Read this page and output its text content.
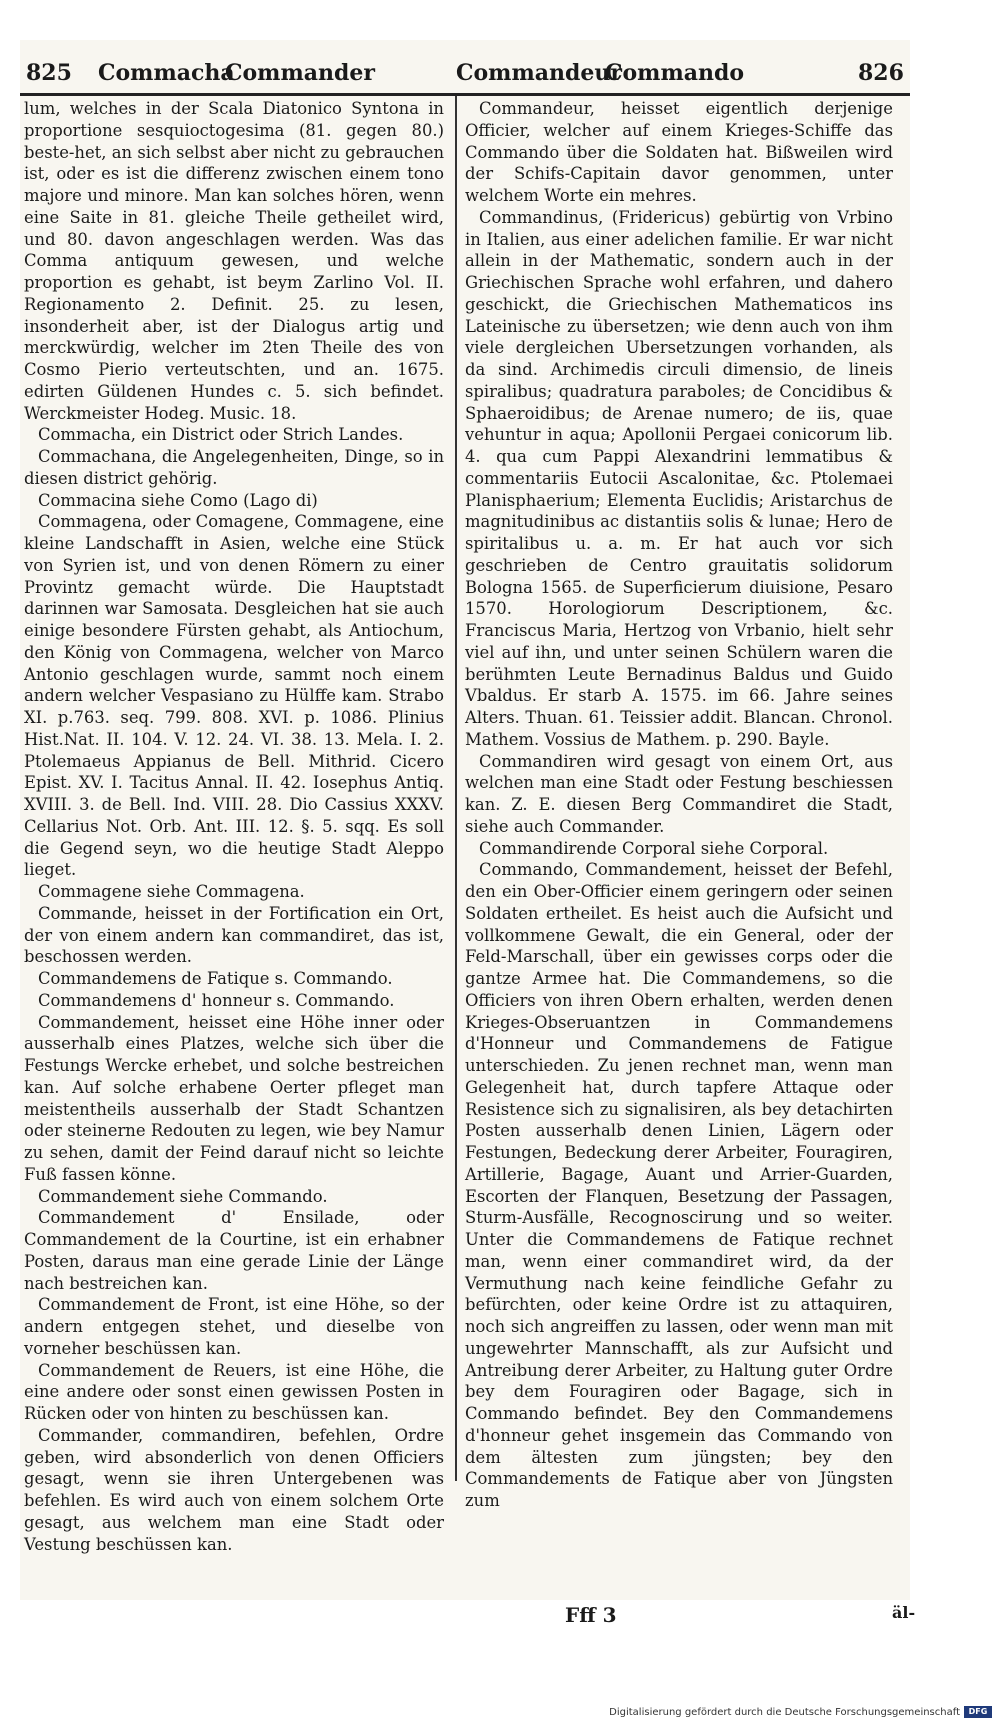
825 Commacha
Commander	Commandeur
Commando	826

lum, welches in der Scala Diatonico Syntona in proportione sesquioctogesima (81. gegen 80.) beste-het, an sich selbst aber nicht zu gebrauchen ist, oder es ist die differenz zwischen einem tono majore und minore. Man kan solches hören, wenn eine Saite in 81. gleiche Theile getheilet wird, und 80. davon angeschlagen werden. Was das Comma antiquum gewesen, und welche proportion es gehabt, ist beym Zarlino Vol. II. Regionamento 2. Definit. 25. zu lesen, insonderheit aber, ist der Dialogus artig und merckwürdig, welcher im 2ten Theile des von Cosmo Pierio verteutschten, und an. 1675. edirten Güldenen Hundes c. 5. sich befindet. Werckmeister Hodeg. Music. 18.

Commacha, ein District oder Strich Landes.

Commachana, die Angelegenheiten, Dinge, so in diesen district gehörig.

Commacina siehe Como (Lago di)

Commagena, oder Comagene, Commagene, eine kleine Landschafft in Asien, welche eine Stück von Syrien ist, und von denen Römern zu einer Provintz gemacht würde. Die Hauptstadt darinnen war Samosata. Desgleichen hat sie auch einige besondere Fürsten gehabt, als Antiochum, den König von Commagena, welcher von Marco Antonio geschlagen wurde, sammt noch einem andern welcher Vespasiano zu Hülffe kam. Strabo XI. p.763. seq. 799. 808. XVI. p. 1086. Plinius Hist.Nat. II. 104. V. 12. 24. VI. 38. 13. Mela. I. 2. Ptolemaeus Appianus de Bell. Mithrid. Cicero Epist. XV. I. Tacitus Annal. II. 42. Iosephus Antiq. XVIII. 3. de Bell. Ind. VIII. 28. Dio Cassius XXXV. Cellarius Not. Orb. Ant. III. 12. §. 5. sqq. Es soll die Gegend seyn, wo die heutige Stadt Aleppo lieget.

Commagene siehe Commagena.

Commande, heisset in der Fortification ein Ort, der von einem andern kan commandiret, das ist, beschossen werden.

Commandemens de Fatique s. Commando.

Commandemens d' honneur s. Commando.

Commandement, heisset eine Höhe inner oder ausserhalb eines Platzes, welche sich über die Festungs Wercke erhebet, und solche bestreichen kan. Auf solche erhabene Oerter pfleget man meistentheils ausserhalb der Stadt Schantzen oder steinerne Redouten zu legen, wie bey Namur zu sehen, damit der Feind darauf nicht so leichte Fuß fassen könne.

Commandement siehe Commando.

Commandement d' Ensilade, oder Commandement de la Courtine, ist ein erhabner Posten, daraus man eine gerade Linie der Länge nach bestreichen kan.

Commandement de Front, ist eine Höhe, so der andern entgegen stehet, und dieselbe von vorneher beschüssen kan.

Commandement de Reuers, ist eine Höhe, die eine andere oder sonst einen gewissen Posten in Rücken oder von hinten zu beschüssen kan.

Commander, commandiren, befehlen, Ordre geben, wird absonderlich von denen Officiers gesagt, wenn sie ihren Untergebenen was befehlen. Es wird auch von einem solchem Orte gesagt, aus welchem man eine Stadt oder Vestung beschüssen kan.

Commandeur, heisset eigentlich derjenige Officier, welcher auf einem Krieges-Schiffe das Commando über die Soldaten hat. Bißweilen wird der Schifs-Capitain davor genommen, unter welchem Worte ein mehres.

Commandinus, (Fridericus) gebürtig von Vrbino in Italien, aus einer adelichen familie. Er war nicht allein in der Mathematic, sondern auch in der Griechischen Sprache wohl erfahren, und dahero geschickt, die Griechischen Mathematicos ins Lateinische zu übersetzen; wie denn auch von ihm viele dergleichen Ubersetzungen vorhanden, als da sind. Archimedis circuli dimensio, de lineis spiralibus; quadratura paraboles; de Concidibus & Sphaeroidibus; de Arenae numero; de iis, quae vehuntur in aqua; Apollonii Pergaei conicorum lib. 4. qua cum Pappi Alexandrini lemmatibus & commentariis Eutocii Ascalonitae, &c. Ptolemaei Planisphaerium; Elementa Euclidis; Aristarchus de magnitudinibus ac distantiis solis & lunae; Hero de spiritalibus u. a. m. Er hat auch vor sich geschrieben de Centro grauitatis solidorum Bologna 1565. de Superficierum diuisione, Pesaro 1570. Horologiorum Descriptionem, &c. Franciscus Maria, Hertzog von Vrbanio, hielt sehr viel auf ihn, und unter seinen Schülern waren die berühmten Leute Bernadinus Baldus und Guido Vbaldus. Er starb A. 1575. im 66. Jahre seines Alters. Thuan. 61. Teissier addit. Blancan. Chronol. Mathem. Vossius de Mathem. p. 290. Bayle.

Commandiren wird gesagt von einem Ort, aus welchen man eine Stadt oder Festung beschiessen kan. Z. E. diesen Berg Commandiret die Stadt, siehe auch Commander.

Commandirende Corporal siehe Corporal.

Commando, Commandement, heisset der Befehl, den ein Ober-Officier einem geringern oder seinen Soldaten ertheilet. Es heist auch die Aufsicht und vollkommene Gewalt, die ein General, oder der Feld-Marschall, über ein gewisses corps oder die gantze Armee hat. Die Commandemens, so die Officiers von ihren Obern erhalten, werden denen Krieges-Obseruantzen in Commandemens d'Honneur und Commandemens de Fatigue unterschieden. Zu jenen rechnet man, wenn man Gelegenheit hat, durch tapfere Attaque oder Resistence sich zu signalisiren, als bey detachirten Posten ausserhalb denen Linien, Lägern oder Festungen, Bedeckung derer Arbeiter, Fouragiren, Artillerie, Bagage, Auant und Arrier-Guarden, Escorten der Flanquen, Besetzung der Passagen, Sturm-Ausfälle, Recognoscirung und so weiter. Unter die Commandemens de Fatique rechnet man, wenn einer commandiret wird, da der Vermuthung nach keine feindliche Gefahr zu befürchten, oder keine Ordre ist zu attaquiren, noch sich angreiffen zu lassen, oder wenn man mit ungewehrter Mannschafft, als zur Aufsicht und Antreibung derer Arbeiter, zu Haltung guter Ordre bey dem Fouragiren oder Bagage, sich in Commando befindet. Bey den Commandemens d'honneur gehet insgemein das Commando von dem ältesten zum jüngsten; bey den Commandements de Fatique aber von Jüngsten zum

Fff 3	äl-
Digitalisierung gefördert durch die Deutsche Forschungsgemeinschaft	DFG
